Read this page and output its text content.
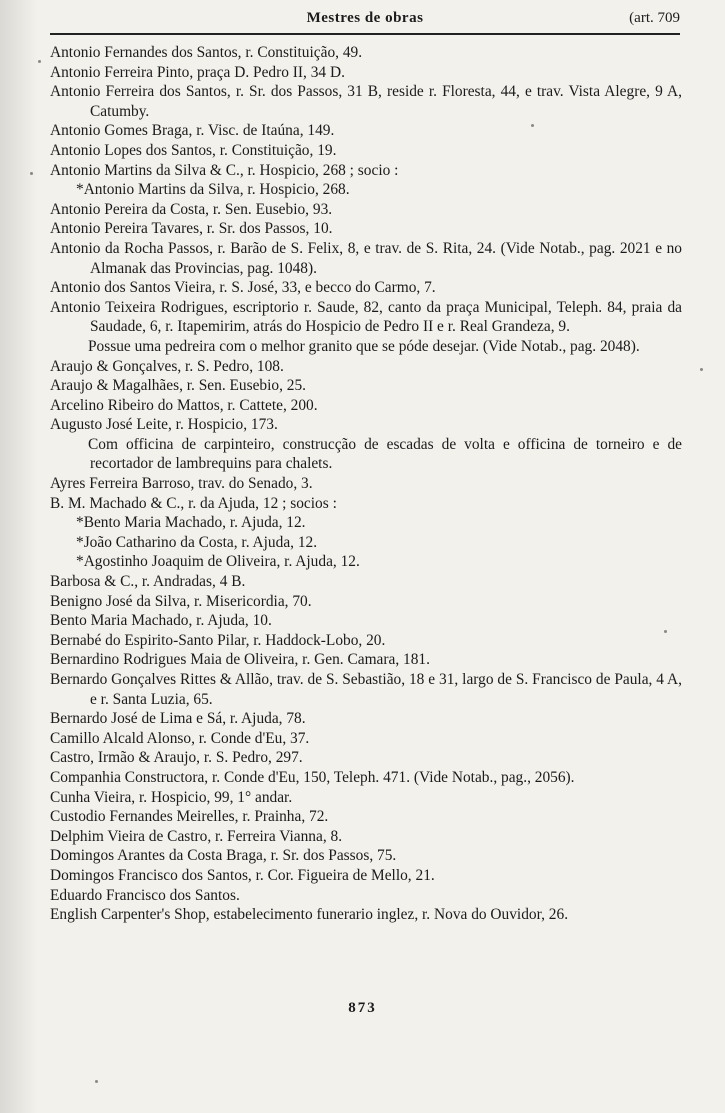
Mestres de obras	(art. 709
Antonio Fernandes dos Santos, r. Constituição, 49.
Antonio Ferreira Pinto, praça D. Pedro II, 34 D.
Antonio Ferreira dos Santos, r. Sr. dos Passos, 31 B, reside r. Floresta, 44, e trav. Vista Alegre, 9 A, Catumby.
Antonio Gomes Braga, r. Visc. de Itaúna, 149.
Antonio Lopes dos Santos, r. Constituição, 19.
Antonio Martins da Silva & C., r. Hospicio, 268 ; socio :
*Antonio Martins da Silva, r. Hospicio, 268.
Antonio Pereira da Costa, r. Sen. Eusebio, 93.
Antonio Pereira Tavares, r. Sr. dos Passos, 10.
Antonio da Rocha Passos, r. Barão de S. Felix, 8, e trav. de S. Rita, 24. (Vide Notab., pag. 2021 e no Almanak das Provincias, pag. 1048).
Antonio dos Santos Vieira, r. S. José, 33, e becco do Carmo, 7.
Antonio Teixeira Rodrigues, escriptorio r. Saude, 82, canto da praça Municipal, Teleph. 84, praia da Saudade, 6, r. Itapemirim, atrás do Hospicio de Pedro II e r. Real Grandeza, 9.
Possue uma pedreira com o melhor granito que se póde desejar. (Vide Notab., pag. 2048).
Araujo & Gonçalves, r. S. Pedro, 108.
Araujo & Magalhães, r. Sen. Eusebio, 25.
Arcelino Ribeiro do Mattos, r. Cattete, 200.
Augusto José Leite, r. Hospicio, 173.
Com officina de carpinteiro, construcção de escadas de volta e officina de torneiro e de recortador de lambrequins para chalets.
Ayres Ferreira Barroso, trav. do Senado, 3.
B. M. Machado & C., r. da Ajuda, 12 ; socios :
*Bento Maria Machado, r. Ajuda, 12.
*João Catharino da Costa, r. Ajuda, 12.
*Agostinho Joaquim de Oliveira, r. Ajuda, 12.
Barbosa & C., r. Andradas, 4 B.
Benigno José da Silva, r. Misericordia, 70.
Bento Maria Machado, r. Ajuda, 10.
Bernabé do Espirito-Santo Pilar, r. Haddock-Lobo, 20.
Bernardino Rodrigues Maia de Oliveira, r. Gen. Camara, 181.
Bernardo Gonçalves Rittes & Allão, trav. de S. Sebastião, 18 e 31, largo de S. Francisco de Paula, 4 A, e r. Santa Luzia, 65.
Bernardo José de Lima e Sá, r. Ajuda, 78.
Camillo Alcald Alonso, r. Conde d'Eu, 37.
Castro, Irmão & Araujo, r. S. Pedro, 297.
Companhia Constructora, r. Conde d'Eu, 150, Teleph. 471. (Vide Notab., pag., 2056).
Cunha Vieira, r. Hospicio, 99, 1° andar.
Custodio Fernandes Meirelles, r. Prainha, 72.
Delphim Vieira de Castro, r. Ferreira Vianna, 8.
Domingos Arantes da Costa Braga, r. Sr. dos Passos, 75.
Domingos Francisco dos Santos, r. Cor. Figueira de Mello, 21.
Eduardo Francisco dos Santos.
English Carpenter's Shop, estabelecimento funerario inglez, r. Nova do Ouvidor, 26.
873
